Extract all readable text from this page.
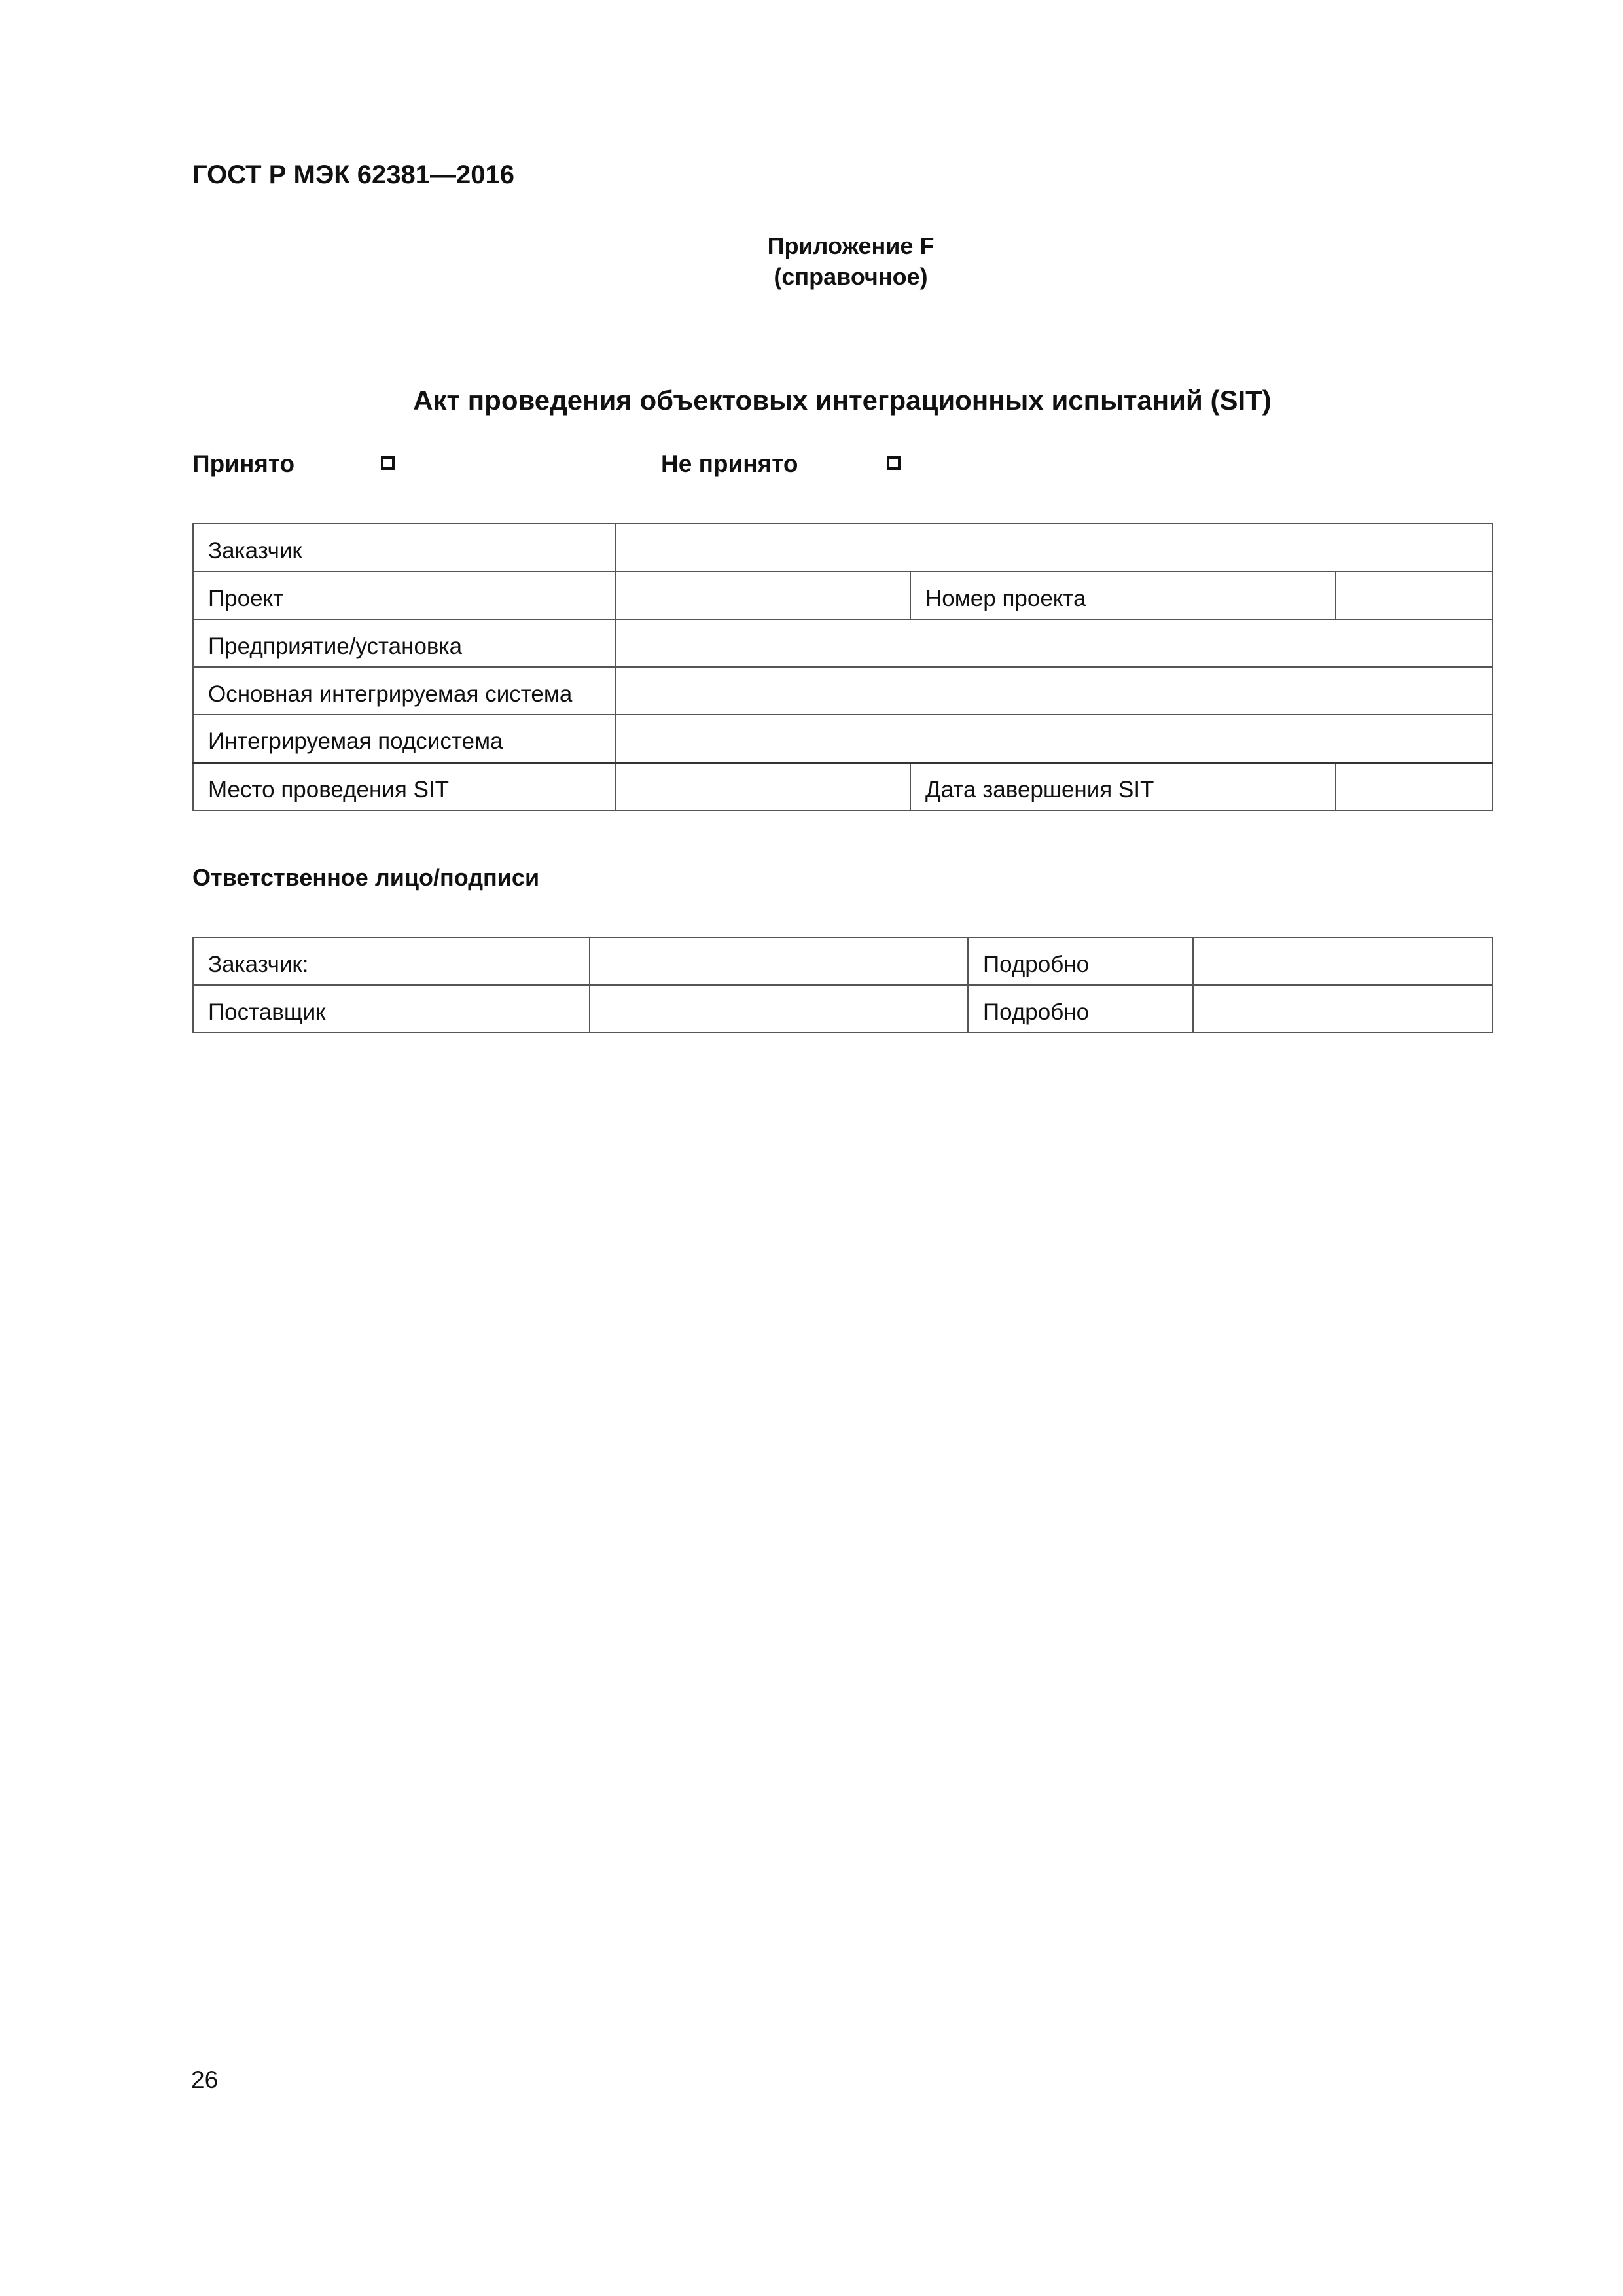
ГОСТ Р МЭК 62381—2016
Приложение F
(справочное)
Акт проведения объектовых интеграционных испытаний (SIT)
Принято	Не принято
Заказчик			
Проект		Номер проекта	
Предприятие/установка			
Основная интегрируемая система			
Интегрируемая подсистема			
Место проведения SIT		Дата завершения SIT	
Ответственное лицо/подписи
Заказчик:		Подробно	
Поставщик		Подробно	
26
